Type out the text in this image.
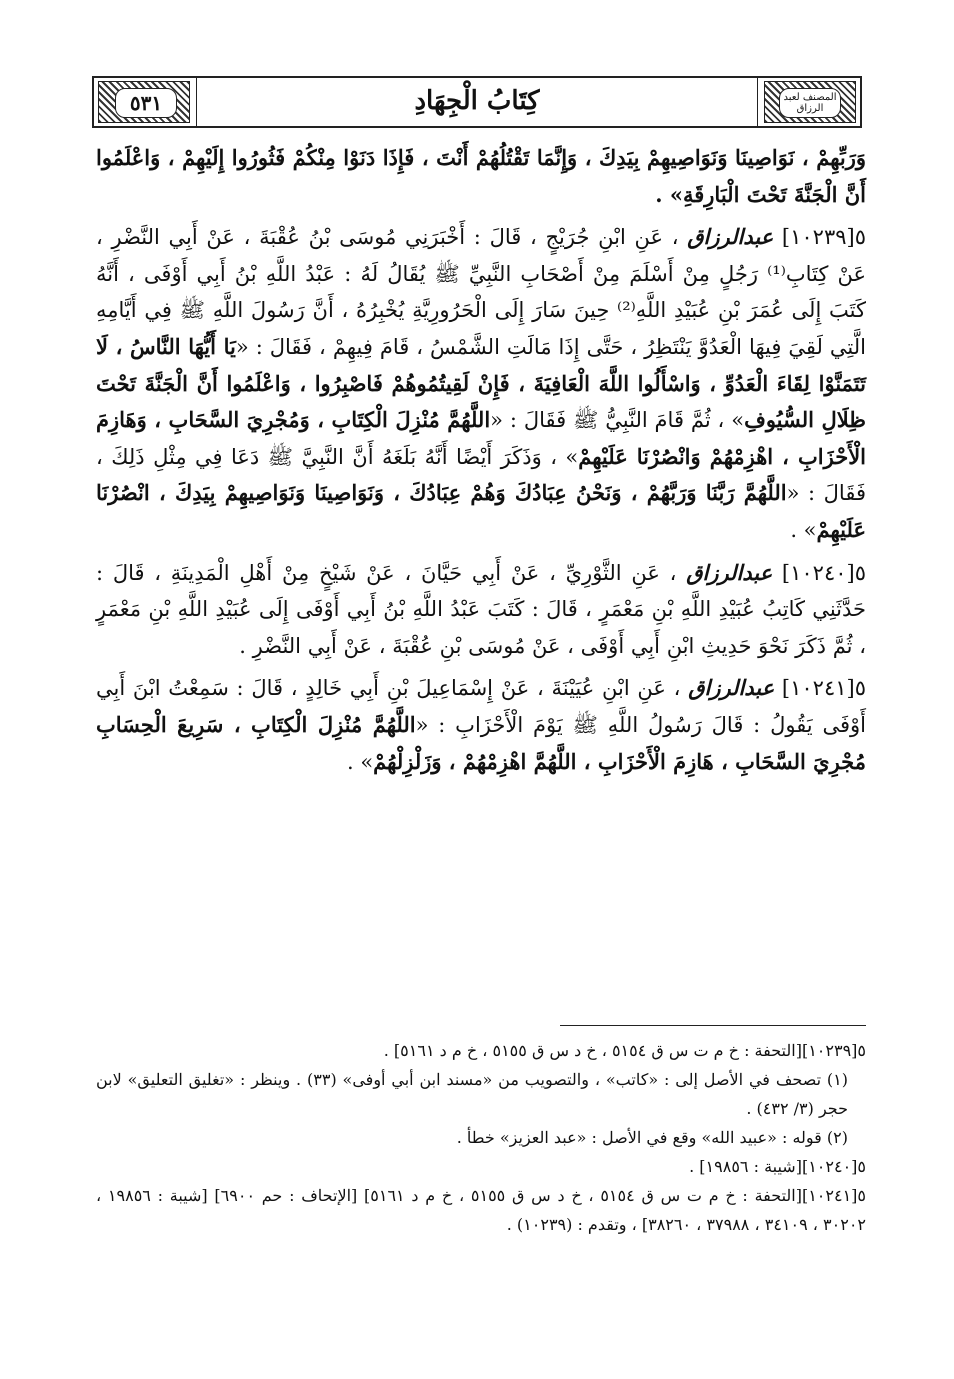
٥٣١	كِتَابُ الْجِهَادِ	المصنف لعبد الرزاق

وَرَبِّهِمْ ، نَوَاصِينَا وَنَوَاصِيهِمْ بِيَدِكَ ، وَإِنَّمَا تَقْتُلُهُمْ أَنْتَ ، فَإِذَا دَنَوْا مِنْكُمْ فَثُورُوا إِلَيْهِمْ ، وَاعْلَمُوا أَنَّ الْجَنَّةَ تَحْتَ الْبَارِقَةِ» .

٥[١٠٢٣٩] عبدالرزاق ، عَنِ ابْنِ جُرَيْجٍ ، قَالَ : أَخْبَرَنِي مُوسَى بْنُ عُقْبَةَ ، عَنْ أَبِي النَّضْرِ ، عَنْ كِتَابِ⁽¹⁾ رَجُلٍ مِنْ أَسْلَمَ مِنْ أَصْحَابِ النَّبِيِّ ﷺ يُقَالُ لَهُ : عَبْدُ اللَّهِ بْنُ أَبِي أَوْفَى ، أَنَّهُ كَتَبَ إِلَى عُمَرَ بْنِ عُبَيْدِ اللَّهِ⁽²⁾ حِينَ سَارَ إِلَى الْحَرُورِيَّةِ يُخْبِرُهُ ، أَنَّ رَسُولَ اللَّهِ ﷺ فِي أَيَّامِهِ الَّتِي لَقِيَ فِيهَا الْعَدُوَّ يَنْتَظِرُ ، حَتَّى إِذَا مَالَتِ الشَّمْسُ ، قَامَ فِيهِمْ ، فَقَالَ : «يَا أَيُّهَا النَّاسُ ، لَا تَتَمَنَّوْا لِقَاءَ الْعَدُوِّ ، وَاسْأَلُوا اللَّهَ الْعَافِيَةَ ، فَإِنْ لَقِيتُمُوهُمْ فَاصْبِرُوا ، وَاعْلَمُوا أَنَّ الْجَنَّةَ تَحْتَ ظِلَالِ السُّيُوفِ» ، ثُمَّ قَامَ النَّبِيُّ ﷺ فَقَالَ : «اللَّهُمَّ مُنْزِلَ الْكِتَابِ ، وَمُجْرِيَ السَّحَابِ ، وَهَازِمَ الْأَحْزَابِ ، اهْزِمْهُمْ وَانْصُرْنَا عَلَيْهِمْ» ، وَذَكَرَ أَيْضًا أَنَّهُ بَلَغَهُ أَنَّ النَّبِيَّ ﷺ دَعَا فِي مِثْلِ ذَلِكَ ، فَقَالَ : «اللَّهُمَّ رَبَّنَا وَرَبَّهُمْ ، وَنَحْنُ عِبَادُكَ وَهُمْ عِبَادُكَ ، وَنَوَاصِينَا وَنَوَاصِيهِمْ بِيَدِكَ ، انْصُرْنَا عَلَيْهِمْ» .

٥[١٠٢٤٠] عبدالرزاق ، عَنِ الثَّوْرِيِّ ، عَنْ أَبِي حَيَّانَ ، عَنْ شَيْخٍ مِنْ أَهْلِ الْمَدِينَةِ ، قَالَ : حَدَّثَنِي كَاتِبُ عُبَيْدِ اللَّهِ بْنِ مَعْمَرٍ ، قَالَ : كَتَبَ عَبْدُ اللَّهِ بْنُ أَبِي أَوْفَى إِلَى عُبَيْدِ اللَّهِ بْنِ مَعْمَرٍ ، ثُمَّ ذَكَرَ نَحْوَ حَدِيثِ ابْنِ أَبِي أَوْفَى ، عَنْ مُوسَى بْنِ عُقْبَةَ ، عَنْ أَبِي النَّضْرِ .

٥[١٠٢٤١] عبدالرزاق ، عَنِ ابْنِ عُيَيْنَةَ ، عَنْ إِسْمَاعِيلَ بْنِ أَبِي خَالِدٍ ، قَالَ : سَمِعْتُ ابْنَ أَبِي أَوْفَى يَقُولُ : قَالَ رَسُولُ اللَّهِ ﷺ يَوْمَ الْأَحْزَابِ : «اللَّهُمَّ مُنْزِلَ الْكِتَابِ ، سَرِيعَ الْحِسَابِ مُجْرِيَ السَّحَابِ ، هَازِمَ الْأَحْزَابِ ، اللَّهُمَّ اهْزِمْهُمْ ، وَزَلْزِلْهُمْ» .

٥[١٠٢٣٩][التحفة : خ م ت س ق ٥١٥٤ ، خ د س ق ٥١٥٥ ، خ م د ٥١٦١] .
(١) تصحف في الأصل إلى : «كاتب» ، والتصويب من «مسند ابن أبي أوفى» (٣٣) . وينظر : «تغليق التعليق» لابن حجر (٣/ ٤٣٢) .
(٢) قوله : «عبيد الله» وقع في الأصل : «عبد العزيز» خطأ .
٥[١٠٢٤٠][شيبة : ١٩٨٥٦] .
٥[١٠٢٤١][التحفة : خ م ت س ق ٥١٥٤ ، خ د س ق ٥١٥٥ ، خ م د ٥١٦١] [الإتحاف : حم ٦٩٠٠] [شيبة : ١٩٨٥٦ ، ٣٠٢٠٢ ، ٣٤١٠٩ ، ٣٧٩٨٨ ، ٣٨٢٦٠] ، وتقدم : (١٠٢٣٩) .
